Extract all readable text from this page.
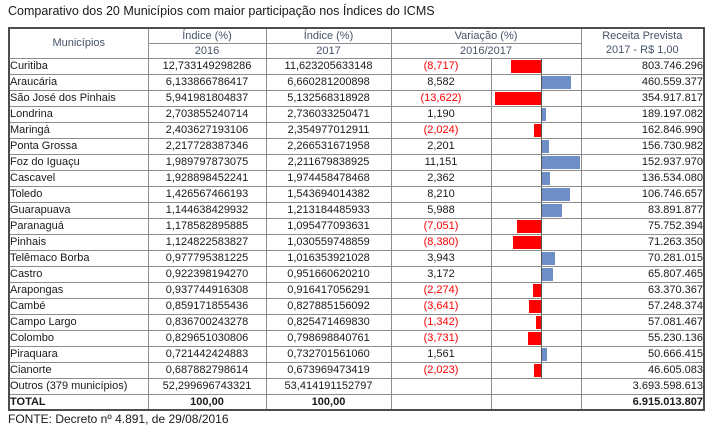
Comparativo dos 20 Municípios com maior participação nos Índices do ICMS
Municípios	Índice (%)	Índice (%)	Variação (%)		Receita Prevista
2017 - R$ 1,00

	2016	2017	2016/2017		
Curitiba	12,733149298286	11,623205633148	(8,717)		803.746.296
Araucária	6,133866786417	6,660281200898	8,582		460.559.377
São José dos Pinhais	5,941981804837	5,132568318928	(13,622)		354.917.817
Londrina	2,703855240714	2,736033250471	1,190		189.197.082
Maringá	2,403627193106	2,354977012911	(2,024)		162.846.990
Ponta Grossa	2,217728387346	2,266531671958	2,201		156.730.982
Foz do Iguaçu	1,989797873075	2,211679838925	11,151		152.937.970
Cascavel	1,928898452241	1,974458478468	2,362		136.534.080
Toledo	1,426567466193	1,543694014382	8,210		106.746.657
Guarapuava	1,144638429932	1,213184485933	5,988		83.891.877
Paranaguá	1,178582895885	1,095477093631	(7,051)		75.752.394
Pinhais	1,124822583827	1,030559748859	(8,380)		71.263.350
Telêmaco Borba	0,977795381225	1,016353921028	3,943		70.281.015
Castro	0,922398194270	0,951660620210	3,172		65.807.465
Arapongas	0,937744916308	0,916417056291	(2,274)		63.370.367
Cambé	0,859171855436	0,827885156092	(3,641)		57.248.374
Campo Largo	0,836700243278	0,825471469830	(1,342)		57.081.467
Colombo	0,829651030806	0,798698840761	(3,731)		55.230.136
Piraquara	0,721442424883	0,732701561060	1,561		50.666.415
Cianorte	0,687882798614	0,673969473419	(2,023)		46.605.083
Outros (379 municípios)	52,299696743321	53,414191152797			3.693.598.613
TOTAL	100,00	100,00			6.915.013.807
FONTE: Decreto nº 4.891, de 29/08/2016
